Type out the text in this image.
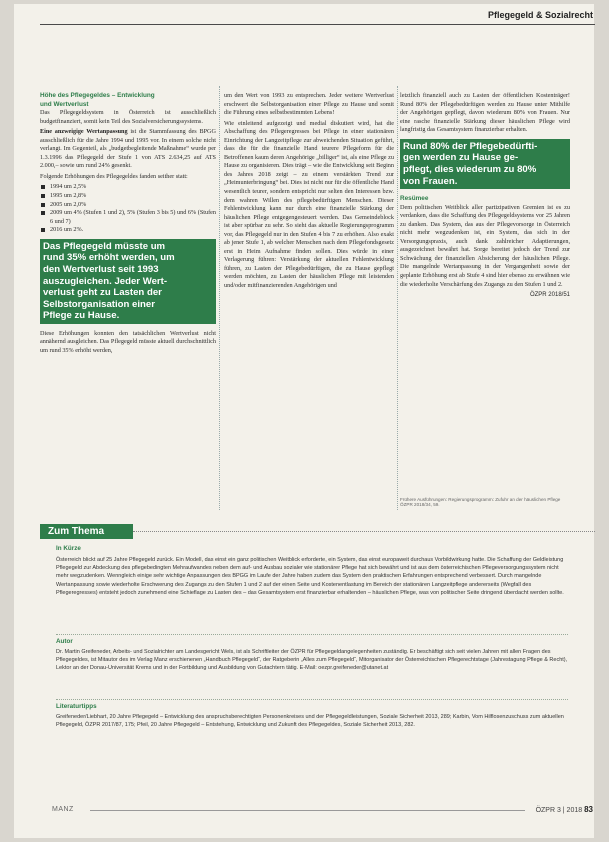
Pflegegeld & Sozialrecht
Höhe des Pflegegeldes – Entwicklung
und Wertverlust

Das Pflegegeldsystem in Österreich ist ausschließlich budgetfinanziert, somit kein Teil des Sozialversicherungssystems.

Eine anzweigige Wertanpassung ist die Stammfassung des BPGG ausschließlich für die Jahre 1994 und 1995 vor. In einem solche nicht verlangt. Im Gegenteil, als „budgetbegleitende Maßnahme“ wurde per 1.3.1996 das Pflegegeld der Stufe 1 von ATS 2.634,25 auf ATS 2.000,– sowie um rund 24% gesenkt.

Folgende Erhöhungen des Pflegegeldes fanden seither statt:

1994 um 2,5%
1995 um 2,8%
2005 um 2,0%
2009 um 4% (Stufen 1 und 2), 5% (Stufen 3 bis 5) und 6% (Stufen 6 und 7)
2016 um 2%.
Das Pflegegeld müsste um
rund 35% erhöht werden, um
den Wertverlust seit 1993
auszugleichen. Jeder Wert-
verlust geht zu Lasten der
Selbstorganisation einer
Pflege zu Hause.

Diese Erhöhungen konnten den tatsächlichen Wertverlust nicht annähernd ausgleichen. Das Pflegegeld müsste aktuell durchschnittlich um rund 35% erhöht werden,

um den Wert von 1993 zu entsprechen. Jeder weitere Wertverlust erschwert die Selbstorganisation einer Pflege zu Hause und somit die Führung eines selbstbestimmten Lebens!

Wie einleitend aufgezeigt und medial diskutiert wird, hat die Abschaffung des Pflegeregresses bei Pflege in einer stationären Einrichtung der Langzeitpflege zur abweichenden Situation geführt, dass die für die finanzielle Hand teurere Pflegeform für die Betroffenen kaum deren Angehörige „billiger“ ist, als eine Pflege zu Hause zu organisieren. Dies trägt – wie die Entwicklung seit Beginn des Jahres 2018 zeigt – zu einem verstärkten Trend zur „Heimunterbringung“ bei. Dies ist nicht nur für die öffentliche Hand wesentlich teurer, sondern entspricht nur selten den Interessen bzw. dem wahren Willen des pflegebedürftigen Menschen. Dieser Fehlentwicklung kann nur durch eine finanzielle Stärkung der häuslichen Pflege entgegengesteuert werden. Das Gemeindeblock ist aber spürbar zu sehr. So sieht das aktuelle Regierungsprogramm vor, das Pflegegeld nur in den Stufen 4 bis 7 zu erhöhen. Also exakt ab jener Stufe 1, ab welcher Menschen nach dem Pflegefondsgesetz erst in Heim Aufnahme finden sollen. Dies würde in einer Verlagerung führen: Verstärkung der aktuellen Fehlentwicklung führen, zu Lasten der Pflegebedürftigen, die zu Hause gepflegt werden möchten, zu Lasten der häuslichen Pflege mit leistenden und/oder mitfinanzierenden Angehörigen und

letztlich finanziell auch zu Lasten der öffentlichen Kostenträger! Rund 80% der Pflegebedürftigen werden zu Hause unter Mithilfe der Angehörigen gepflegt, davon wiederum 80% von Frauen. Nur eine rasche finanzielle Stärkung dieser häuslichen Pflege wird langfristig das Gesamtsystem finanzierbar erhalten.

Rund 80% der Pflegebedürfti-
gen werden zu Hause ge-
pflegt, dies wiederum zu 80%
von Frauen.
Resümee

Dem politischen Weitblick aller partizipativen Gremien ist es zu verdanken, dass die Schaffung des Pflegegeldsystems vor 25 Jahren zu danken. Das System, das aus der Pflegevorsorge in Österreich nicht mehr wegzudenken ist, ein System, das sich in der Versorgungspraxis, auch dank zahlreicher Adaptierungen, ausgezeichnet bewährt hat. Sorge bereitet jedoch der Trend zur Schwächung der finanziellen Absicherung der häuslichen Pflege. Die mangelnde Wertanpassung in der Vergangenheit sowie der geplante Erhöhung erst ab Stufe 4 sind hier ebenso zu erwähnen wie die wiederholte Verschärfung des Zugangs zu den Stufen 1 und 2.

ÖZPR 2018/51
Frühere Ausführungen: Regierungsprogramm: Zufuhr an der häuslichen Pflege ÖZPR 2018/34, 59.
Zum Thema
In Kürze
Österreich blickt auf 25 Jahre Pflegegeld zurück. Ein Modell, das einst ein ganz politischen Weitblick erforderte, ein System, das einst europaweit durchaus Vorbildwirkung hatte. Die Schaffung der Geldleistung Pflegegeld zur Abdeckung des pflegebedingten Mehraufwandes neben dem auf- und Ausbau sozialer wie stationärer Pflege hat sich bewährt und ist aus dem österreichischen Pflegeversorgungssystem nicht mehr wegzudenken. Wenngleich einige sehr wichtige Anpassungen des BPGG im Laufe der Jahre haben zudem das System den praktischen Erfahrungen entsprechend verbessert. Durch mangelnde Wertanpassung sowie wiederholte Erschwerung des Zugangs zu den Stufen 1 und 2 auf der einen Seite und Kostenentlastung im Bereich der stationären Langzeitpflege andererseits (Wegfall des Pflegeregresses) entsteht jedoch zunehmend eine Schieflage zu Lasten des – das Gesamtsystem erst finanzierbar erhaltenden – häuslichen Pflege, was von politischer Seite dringend überdacht werden sollte.
Autor
Dr. Martin Greifeneder, Arbeits- und Sozialrichter am Landesgericht Wels, ist als Schriftleiter der ÖZPR für Pflegegeldangelegenheiten zuständig. Er beschäftigt sich seit vielen Jahren mit allen Fragen des Pflegegeldes, ist Mitautor des im Verlag Manz erschienenen „Handbuch Pflegegeld“, der Ratgeberin „Alles zum Pflegegeld“, Mitorganisator der Österreichischen Pflegerechtstage (Jahrestagung Pflege & Recht), Lektor an der Donau-Universität Krems und in der Fortbildung und Ausbildung von Gutachtern tätig. E-Mail: oezpr.greifeneder@utanet.at
Literaturtipps
Greifeneder/Liebhart, 20 Jahre Pflegegeld – Entwicklung des anspruchsberechtigten Personenkreises und der Pflegegeldleistungen, Soziale Sicherheit 2013, 289; Karbin, Vom Hilflosenzuschuss zum aktuellen Pflegegeld, ÖZPR 2017/87, 175; Pfeil, 20 Jahre Pflegegeld – Entstehung, Entwicklung und Zukunft des Pflegegeldes, Soziale Sicherheit 2013, 282.
MANZ	ÖZPR 3 | 2018 83
